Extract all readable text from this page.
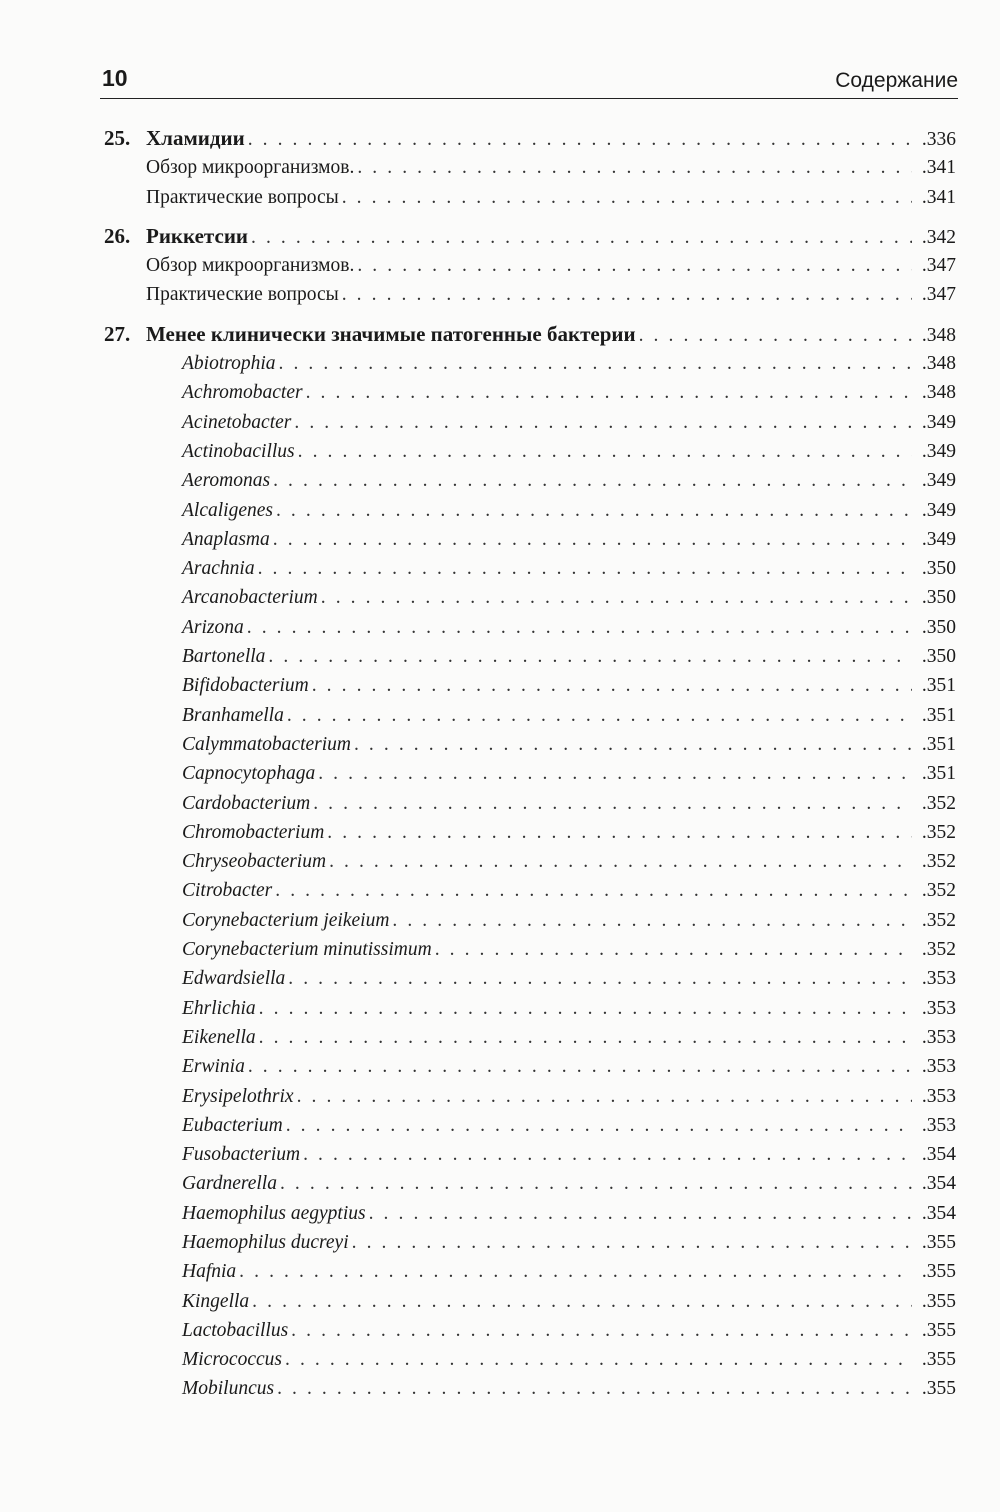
10	Содержание
25. Хламидии . . .	.336
Обзор микроорганизмов. . . .	.341
Практические вопросы . . .	.341
26. Риккетсии . . .	.342
Обзор микроорганизмов. . . .	.347
Практические вопросы . . .	.347
27. Менее клинически значимые патогенные бактерии . . .	.348
Abiotrophia . . .	.348
Achromobacter . . .	.348
Acinetobacter . . .	.349
Actinobacillus . . .	.349
Aeromonas . . .	.349
Alcaligenes . . .	.349
Anaplasma . . .	.349
Arachnia . . .	.350
Arcanobacterium . . .	.350
Arizona . . .	.350
Bartonella . . .	.350
Bifidobacterium . . .	.351
Branhamella . . .	.351
Calymmatobacterium . . .	.351
Capnocytophaga . . .	.351
Cardobacterium . . .	.352
Chromobacterium . . .	.352
Chryseobacterium . . .	.352
Citrobacter . . .	.352
Corynebacterium jeikeium . . .	.352
Corynebacterium minutissimum . . .	.352
Edwardsiella . . .	.353
Ehrlichia . . .	.353
Eikenella . . .	.353
Erwinia . . .	.353
Erysipelothrix . . .	.353
Eubacterium . . .	.353
Fusobacterium . . .	.354
Gardnerella . . .	.354
Haemophilus aegyptius . . .	.354
Haemophilus ducreyi . . .	.355
Hafnia . . .	.355
Kingella . . .	.355
Lactobacillus . . .	.355
Micrococcus . . .	.355
Mobiluncus . . .	.355
